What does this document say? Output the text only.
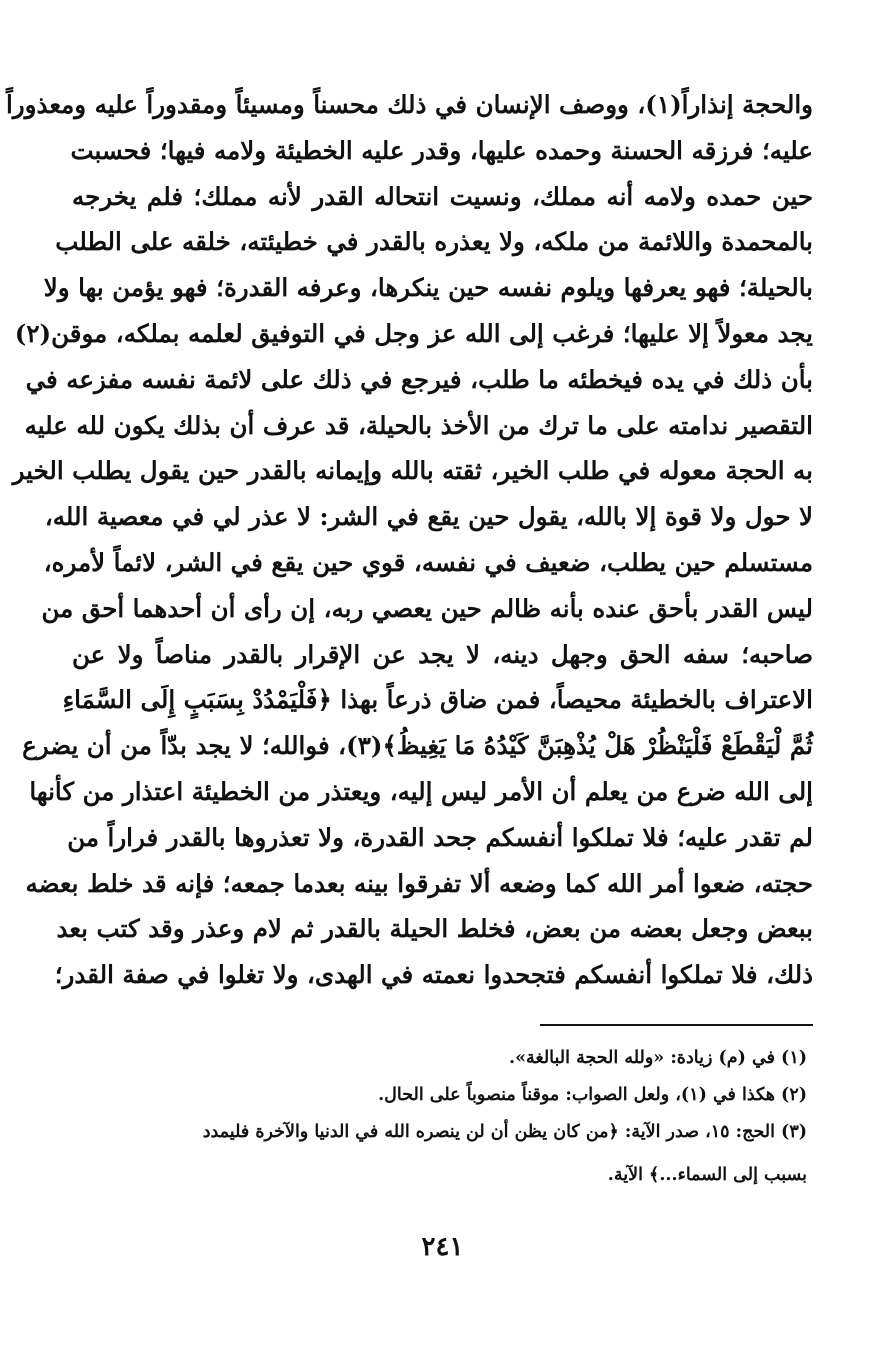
والحجة إنذاراً(١)، ووصف الإنسان في ذلك محسناً ومسيئاً ومقدوراً عليه ومعذوراً
عليه؛ فرزقه الحسنة وحمده عليها، وقدر عليه الخطيئة ولامه فيها؛ فحسبت
حين حمده ولامه أنه مملك، ونسيت انتحاله القدر لأنه مملك؛ فلم يخرجه
بالمحمدة واللائمة من ملكه، ولا يعذره بالقدر في خطيئته، خلقه على الطلب
بالحيلة؛ فهو يعرفها ويلوم نفسه حين ينكرها، وعرفه القدرة؛ فهو يؤمن بها ولا
يجد معولاً إلا عليها؛ فرغب إلى الله عز وجل في التوفيق لعلمه بملكه، موقن(٢)
بأن ذلك في يده فيخطئه ما طلب، فيرجع في ذلك على لائمة نفسه مفزعه في
التقصير ندامته على ما ترك من الأخذ بالحيلة، قد عرف أن بذلك يكون لله عليه
به الحجة معوله في طلب الخير، ثقته بالله وإيمانه بالقدر حين يقول يطلب الخير
لا حول ولا قوة إلا بالله، يقول حين يقع في الشر: لا عذر لي في معصية الله،
مستسلم حين يطلب، ضعيف في نفسه، قوي حين يقع في الشر، لائماً لأمره،
ليس القدر بأحق عنده بأنه ظالم حين يعصي ربه، إن رأى أن أحدهما أحق من
صاحبه؛ سفه الحق وجهل دينه، لا يجد عن الإقرار بالقدر مناصاً ولا عن
الاعتراف بالخطيئة محيصاً، فمن ضاق ذرعاً بهذا ﴿فَلْيَمْدُدْ بِسَبَبٍ إِلَى السَّمَاءِ
ثُمَّ لْيَقْطَعْ فَلْيَنْظُرْ هَلْ يُذْهِبَنَّ كَيْدُهُ مَا يَغِيظُ﴾(٣)، فوالله؛ لا يجد بدّاً من أن يضرع
إلى الله ضرع من يعلم أن الأمر ليس إليه، ويعتذر من الخطيئة اعتذار من كأنها
لم تقدر عليه؛ فلا تملكوا أنفسكم جحد القدرة، ولا تعذروها بالقدر فراراً من
حجته، ضعوا أمر الله كما وضعه ألا تفرقوا بينه بعدما جمعه؛ فإنه قد خلط بعضه
ببعض وجعل بعضه من بعض، فخلط الحيلة بالقدر ثم لام وعذر وقد كتب بعد
ذلك، فلا تملكوا أنفسكم فتجحدوا نعمته في الهدى، ولا تغلوا في صفة القدر؛
(١) في (م) زيادة: «ولله الحجة البالغة».
(٢) هكذا في (١)، ولعل الصواب: موقناً منصوباً على الحال.
(٣) الحج: ١٥، صدر الآية: ﴿من كان يظن أن لن ينصره الله في الدنيا والآخرة فليمدد
بسبب إلى السماء...﴾ الآية.
٢٤١
